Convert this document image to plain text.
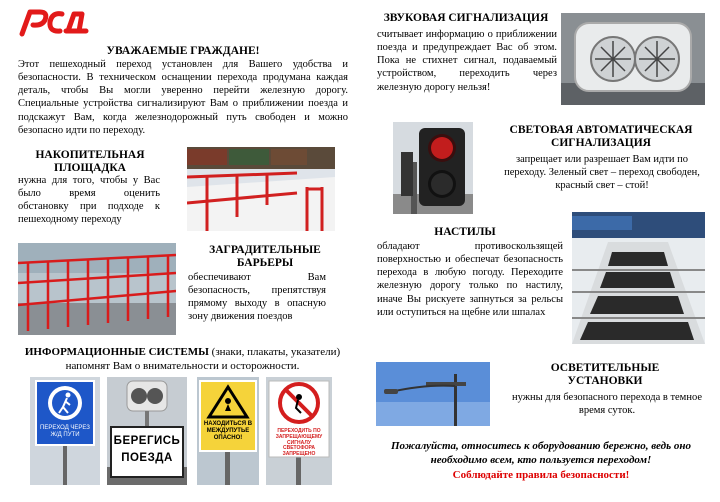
УВАЖАЕМЫЕ ГРАЖДАНЕ!
Этот пешеходный переход установлен для Вашего удобства и безопасности. В техническом оснащении перехода продумана каждая деталь, чтобы Вы могли уверенно перейти железную дорогу. Специальные устройства сигнализируют Вам о приближении поезда и подскажут Вам, когда железнодорожный путь свободен и можно безопасно идти по переходу.
НАКОПИТЕЛЬНАЯ ПЛОЩАДКА
нужна для того, чтобы у Вас было время оценить обстановку при подходе к пешеходному переходу
ЗАГРАДИТЕЛЬНЫЕ БАРЬЕРЫ
обеспечивают Вам безопасность, препятствуя прямому выходу в опасную зону движения поездов
ИНФОРМАЦИОННЫЕ СИСТЕМЫ (знаки, плакаты, указатели) напомнят Вам о внимательности и осторожности.
ПЕРЕХОД ЧЕРЕЗ Ж/Д ПУТИ
БЕРЕГИСЬ
ПОЕЗДА
НАХОДИТЬСЯ В МЕЖДУПУТЬЕ ОПАСНО!
ПЕРЕХОДИТЬ ПО ЗАПРЕЩАЮЩЕМУ СИГНАЛУ СВЕТОФОРА ЗАПРЕЩЕНО
ЗВУКОВАЯ СИГНАЛИЗАЦИЯ
считывает информацию о приближении поезда и предупреждает Вас об этом. Пока не стихнет сигнал, подаваемый устройством, переходить через железную дорогу нельзя!
СВЕТОВАЯ АВТОМАТИЧЕСКАЯ СИГНАЛИЗАЦИЯ
запрещает или разрешает Вам идти по переходу. Зеленый свет – переход свободен, красный свет – стой!
НАСТИЛЫ
обладают противоскользящей поверхностью и обеспечат безопасность перехода в любую погоду. Переходите железную дорогу только по настилу, иначе Вы рискуете запнуться за рельсы или оступиться на щебне или шпалах
ОСВЕТИТЕЛЬНЫЕ УСТАНОВКИ
нужны для безопасного перехода в темное время суток.
Пожалуйста, относитесь к оборудованию бережно, ведь оно необходимо всем, кто пользуется переходом!
Соблюдайте правила безопасности!
